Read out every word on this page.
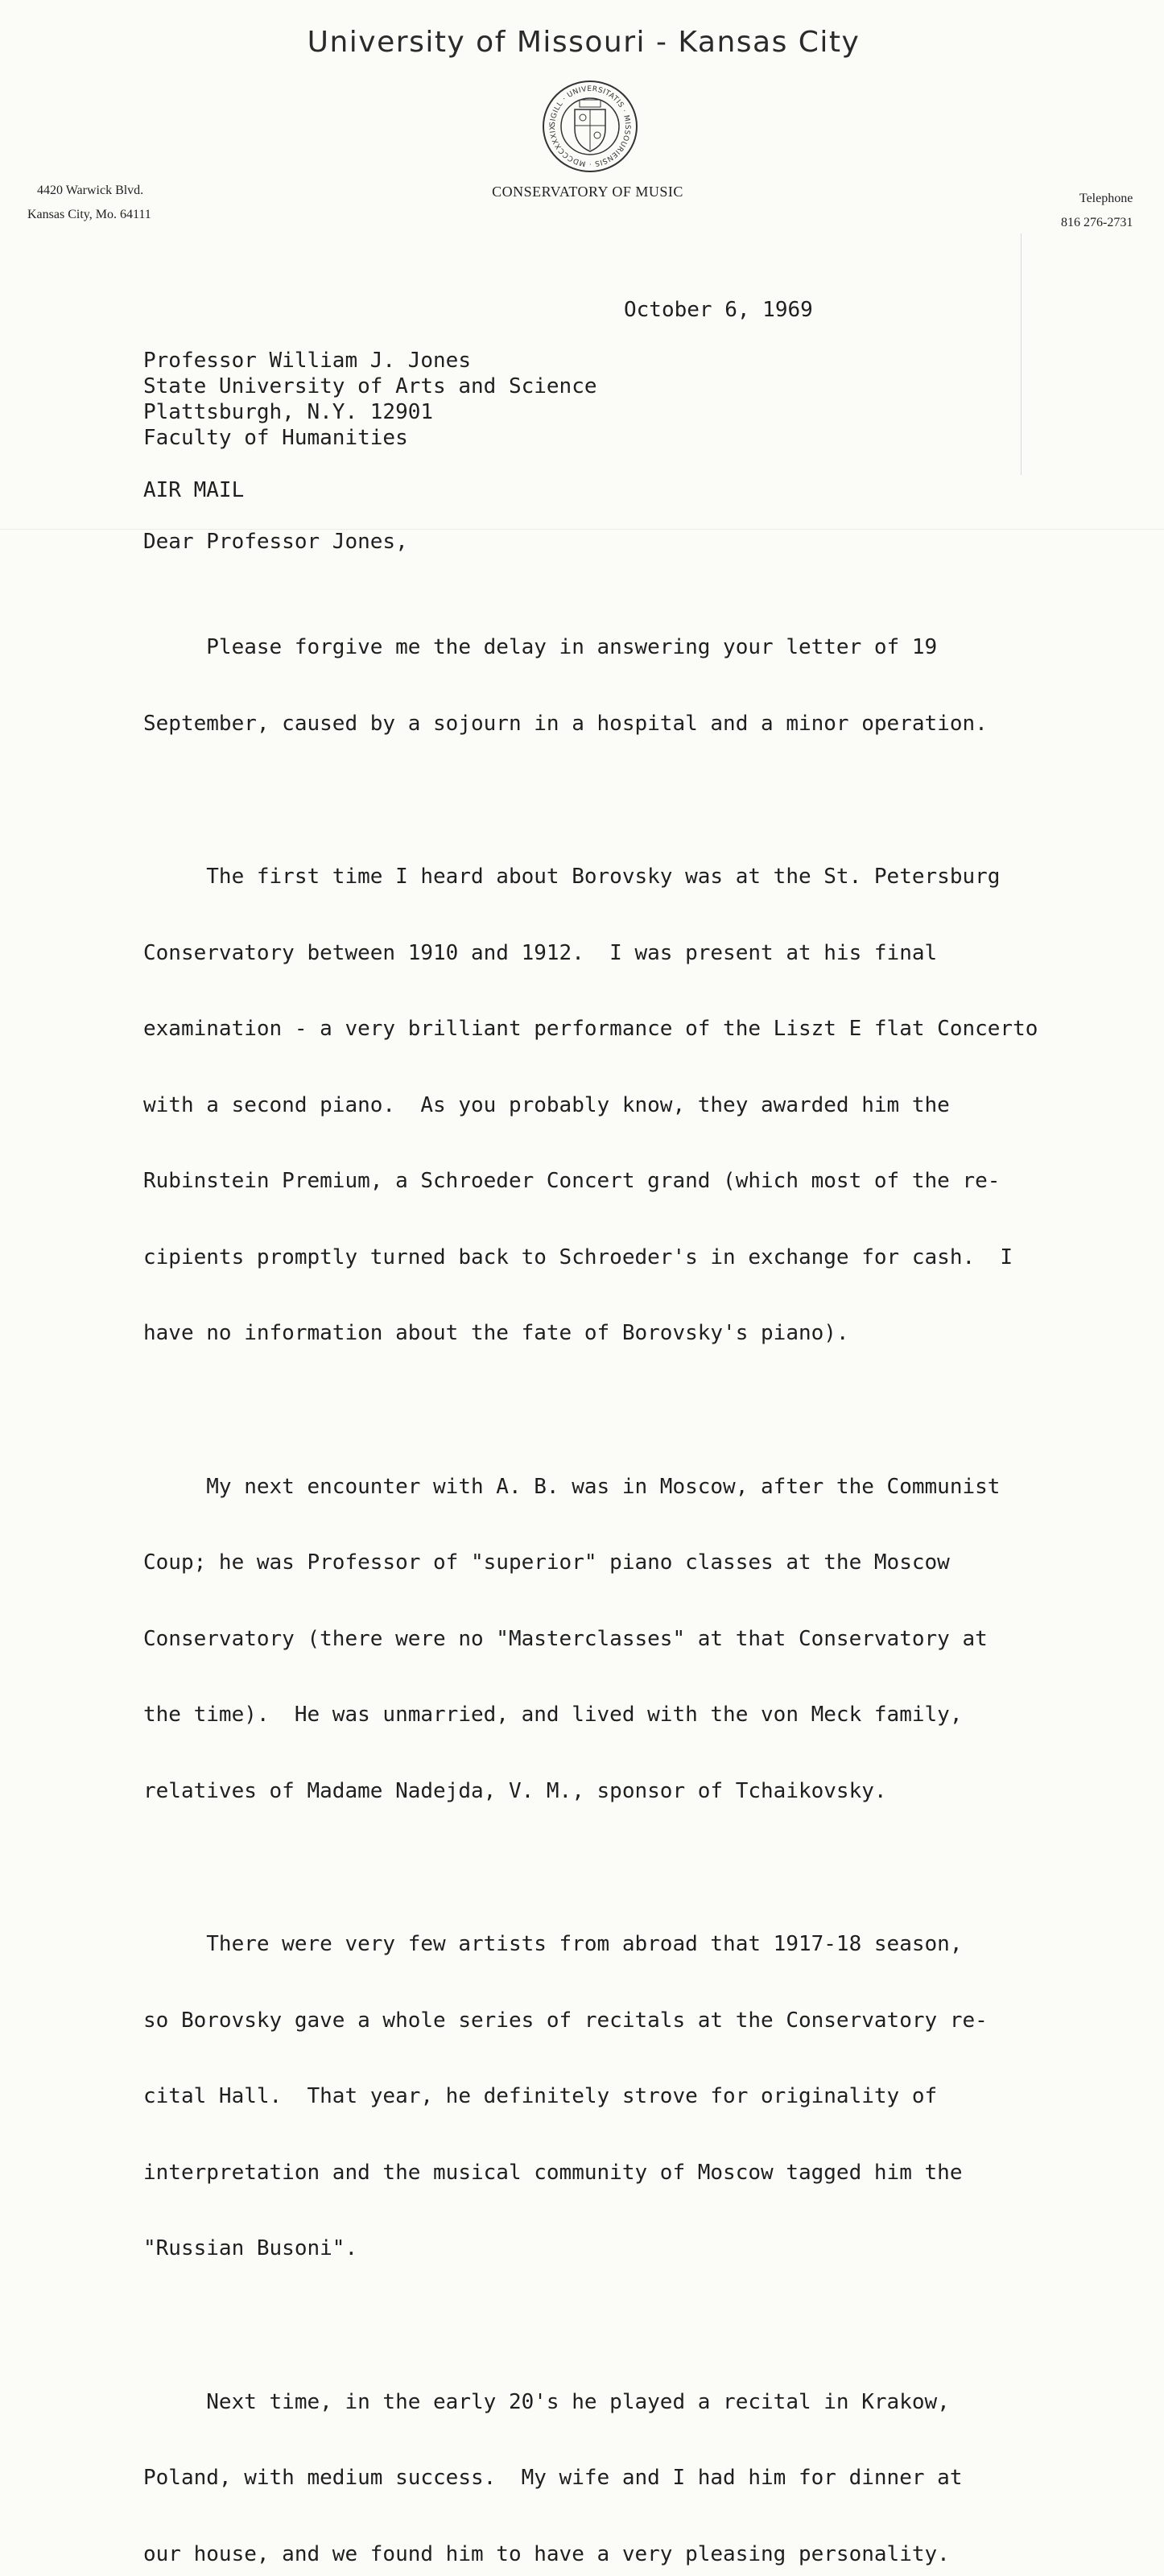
University of Missouri - Kansas City
SIGILL · UNIVERSITATIS · MISSOURIENSIS · MDCCCXXXIX
CONSERVATORY OF MUSIC
4420 Warwick Blvd.
Kansas City, Mo. 64111
Telephone
816 276-2731
October 6, 1969
Professor William J. Jones
State University of Arts and Science
Plattsburgh, N.Y. 12901
Faculty of Humanities
AIR MAIL
Dear Professor Jones,

Please forgive me the delay in answering your letter of 19

September, caused by a sojourn in a hospital and a minor operation.

The first time I heard about Borovsky was at the St. Petersburg

Conservatory between 1910 and 1912.  I was present at his final

examination - a very brilliant performance of the Liszt E flat Concerto

with a second piano.  As you probably know, they awarded him the

Rubinstein Premium, a Schroeder Concert grand (which most of the re-

cipients promptly turned back to Schroeder's in exchange for cash.  I

have no information about the fate of Borovsky's piano).

My next encounter with A. B. was in Moscow, after the Communist

Coup; he was Professor of "superior" piano classes at the Moscow

Conservatory (there were no "Masterclasses" at that Conservatory at

the time).  He was unmarried, and lived with the von Meck family,

relatives of Madame Nadejda, V. M., sponsor of Tchaikovsky.

There were very few artists from abroad that 1917-18 season,

so Borovsky gave a whole series of recitals at the Conservatory re-

cital Hall.  That year, he definitely strove for originality of

interpretation and the musical community of Moscow tagged him the

"Russian Busoni".

Next time, in the early 20's he played a recital in Krakow,

Poland, with medium success.  My wife and I had him for dinner at

our house, and we found him to have a very pleasing personality.
